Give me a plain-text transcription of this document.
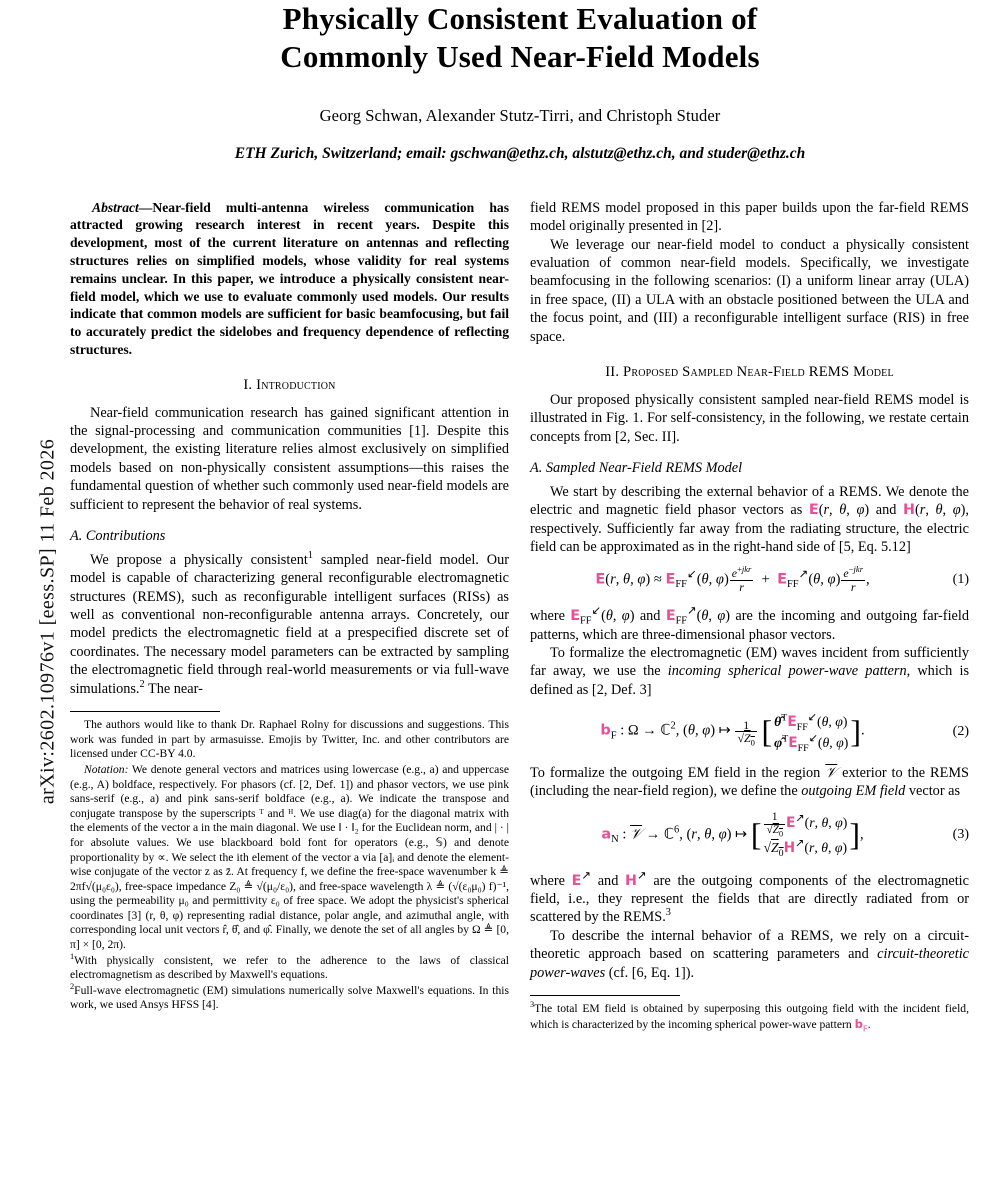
arXiv:2602.10976v1 [eess.SP] 11 Feb 2026
Physically Consistent Evaluation of
Commonly Used Near-Field Models
Georg Schwan, Alexander Stutz-Tirri, and Christoph Studer
ETH Zurich, Switzerland; email: gschwan@ethz.ch, alstutz@ethz.ch, and studer@ethz.ch

Abstract—Near-field multi-antenna wireless communication has attracted growing research interest in recent years. Despite this development, most of the current literature on antennas and reflecting structures relies on simplified models, whose validity for real systems remains unclear. In this paper, we introduce a physically consistent near-field model, which we use to evaluate commonly used models. Our results indicate that common models are sufficient for basic beamfocusing, but fail to accurately predict the sidelobes and frequency dependence of reflecting structures.

I. Introduction

Near-field communication research has gained significant attention in the signal-processing and communication communities [1]. Despite this development, the existing literature relies almost exclusively on simplified models based on non-physically consistent assumptions—this raises the fundamental question of whether such commonly used near-field models are sufficient to represent the behavior of real systems.

A. Contributions

We propose a physically consistent$^1$ sampled near-field model. Our model is capable of characterizing general reconfigurable electromagnetic structures (REMS), such as reconfigurable intelligent surfaces (RISs) as well as conventional non-reconfigurable antenna arrays. Concretely, our model predicts the electromagnetic field at a prespecified discrete set of coordinates. The necessary model parameters can be extracted by sampling the electromagnetic field through real-world measurements or via full-wave simulations.$^2$ The near-

The authors would like to thank Dr. Raphael Rolny for discussions and suggestions. This work was funded in part by armasuisse. Emojis by Twitter, Inc. and other contributors are licensed under CC-BY 4.0.

Notation: We denote general vectors and matrices using lowercase (e.g., a) and uppercase (e.g., A) boldface, respectively. For phasors (cf. [2, Def. 1]) and phasor vectors, we use pink sans-serif (e.g., a) and pink sans-serif boldface (e.g., a). We indicate the transpose and conjugate transpose by the superscripts ᵀ and ᴴ. We use diag(a) for the diagonal matrix with the elements of the vector a in the main diagonal. We use ‖ · ‖₂ for the Euclidean norm, and | · | for absolute values. We use blackboard bold font for operators (e.g., 𝕊) and denote proportionality by ∝. We select the ith element of the vector a via [a]ᵢ and denote the element-wise conjugate of the vector z as z̄. At frequency f, we define the free-space wavenumber k ≜ 2πf√(μ₀ε₀), free-space impedance Z₀ ≜ √(μ₀/ε₀), and free-space wavelength λ ≜ (√(ε₀μ₀) f)⁻¹, using the permeability μ₀ and permittivity ε₀ of free space. We adopt the physicist's spherical coordinates [3] (r, θ, φ) representing radial distance, polar angle, and azimuthal angle, with corresponding local unit vectors r̂, θ̂, and φ̂. Finally, we denote the set of all angles by Ω ≜ [0, π] × [0, 2π).

$^1$With physically consistent, we refer to the adherence to the laws of classical electromagnetism as described by Maxwell's equations.

$^2$Full-wave electromagnetic (EM) simulations numerically solve Maxwell's equations. In this work, we used Ansys HFSS [4].

field REMS model proposed in this paper builds upon the far-field REMS model originally presented in [2].

We leverage our near-field model to conduct a physically consistent evaluation of common near-field models. Specifically, we investigate beamfocusing in the following scenarios: (I) a uniform linear array (ULA) in free space, (II) a ULA with an obstacle positioned between the ULA and the focus point, and (III) a reconfigurable intelligent surface (RIS) in free space.

II. Proposed Sampled Near-Field REMS Model

Our proposed physically consistent sampled near-field REMS model is illustrated in Fig. 1. For self-consistency, in the following, we restate certain concepts from [2, Sec. II].

A. Sampled Near-Field REMS Model

We start by describing the external behavior of a REMS. We denote the electric and magnetic field phasor vectors as E(r, θ, φ) and H(r, θ, φ), respectively. Sufficiently far away from the radiating structure, the electric field can be approximated as in the right-hand side of [5, Eq. 5.12]

E(r, θ, $\varphi) \approx E_{FF}^↙(\theta$, $\varphi) \frac{e^{+jkr}}{r} + E_{FF}^↗(\theta$, $\varphi) \frac{e^{-jkr}}{r}$ ,	(1)

where $E_{FF}^↙(\theta$, φ) and $E_{FF}^↗(\theta$, φ) are the incoming and outgoing far-field patterns, which are three-dimensional phasor vectors.

To formalize the electromagnetic (EM) waves incident from sufficiently far away, we use the incoming spherical power-wave pattern, which is defined as [2, Def. 3]

$b_F$ : Ω → ℂ$^2$, (θ, φ) ↦ $\frac{1}{√Z_0}$
[ $\thetâ^TE_{FF}^↙(\theta$, φ)
$\varphî^TE_{FF}^↙(\theta$, φ) ] .	(2)

To formalize the outgoing EM field in the region 𝒱 exterior to the REMS (including the near-field region), we define the outgoing EM field vector as

$a_N$ : 𝒱 → ℂ$^6$, (r, θ, φ) ↦ [ $\frac{1}{√Z_0} E^↗(r$, θ, φ)
$√Z_0H^↗(r$, θ, φ) ] ,	(3)

where E↗ and H↗ are the outgoing components of the electromagnetic field, i.e., they represent the fields that are directly radiated from or scattered by the REMS.$^3$

To describe the internal behavior of a REMS, we rely on a circuit-theoretic approach based on scattering parameters and circuit-theoretic power-waves (cf. [6, Eq. 1]).

$^3$The total EM field is obtained by superposing this outgoing field with the incident field, which is characterized by the incoming spherical power-wave pattern $b_F$.
